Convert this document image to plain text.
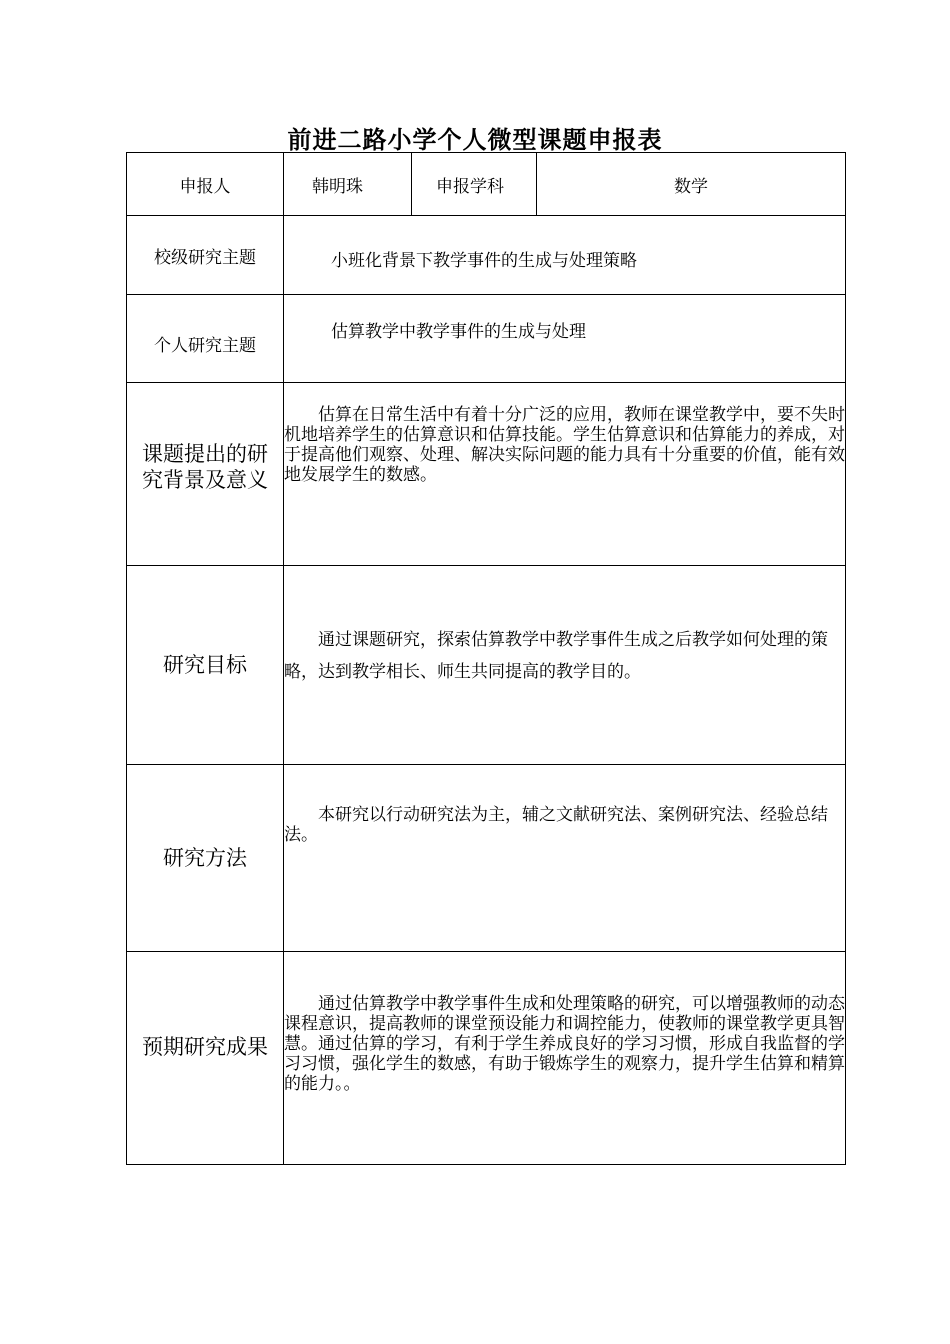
前进二路小学个人微型课题申报表
申报人	韩明珠	申报学科	数学
校级研究主题	小班化背景下教学事件的生成与处理策略		
个人研究主题	估算教学中教学事件的生成与处理		
课题提出的研究背景及意义	估算在日常生活中有着十分广泛的应用，教师在课堂教学中，要不失时机地培养学生的估算意识和估算技能。学生估算意识和估算能力的养成，对于提高他们观察、处理、解决实际问题的能力具有十分重要的价值，能有效地发展学生的数感。		
研究目标	通过课题研究，探索估算教学中教学事件生成之后教学如何处理的策略，达到教学相长、师生共同提高的教学目的。		
研究方法	本研究以行动研究法为主，辅之文献研究法、案例研究法、经验总结法。		
预期研究成果	通过估算教学中教学事件生成和处理策略的研究，可以增强教师的动态课程意识，提高教师的课堂预设能力和调控能力，使教师的课堂教学更具智慧。通过估算的学习，有利于学生养成良好的学习习惯，形成自我监督的学习习惯，强化学生的数感，有助于锻炼学生的观察力，提升学生估算和精算的能力。。		
